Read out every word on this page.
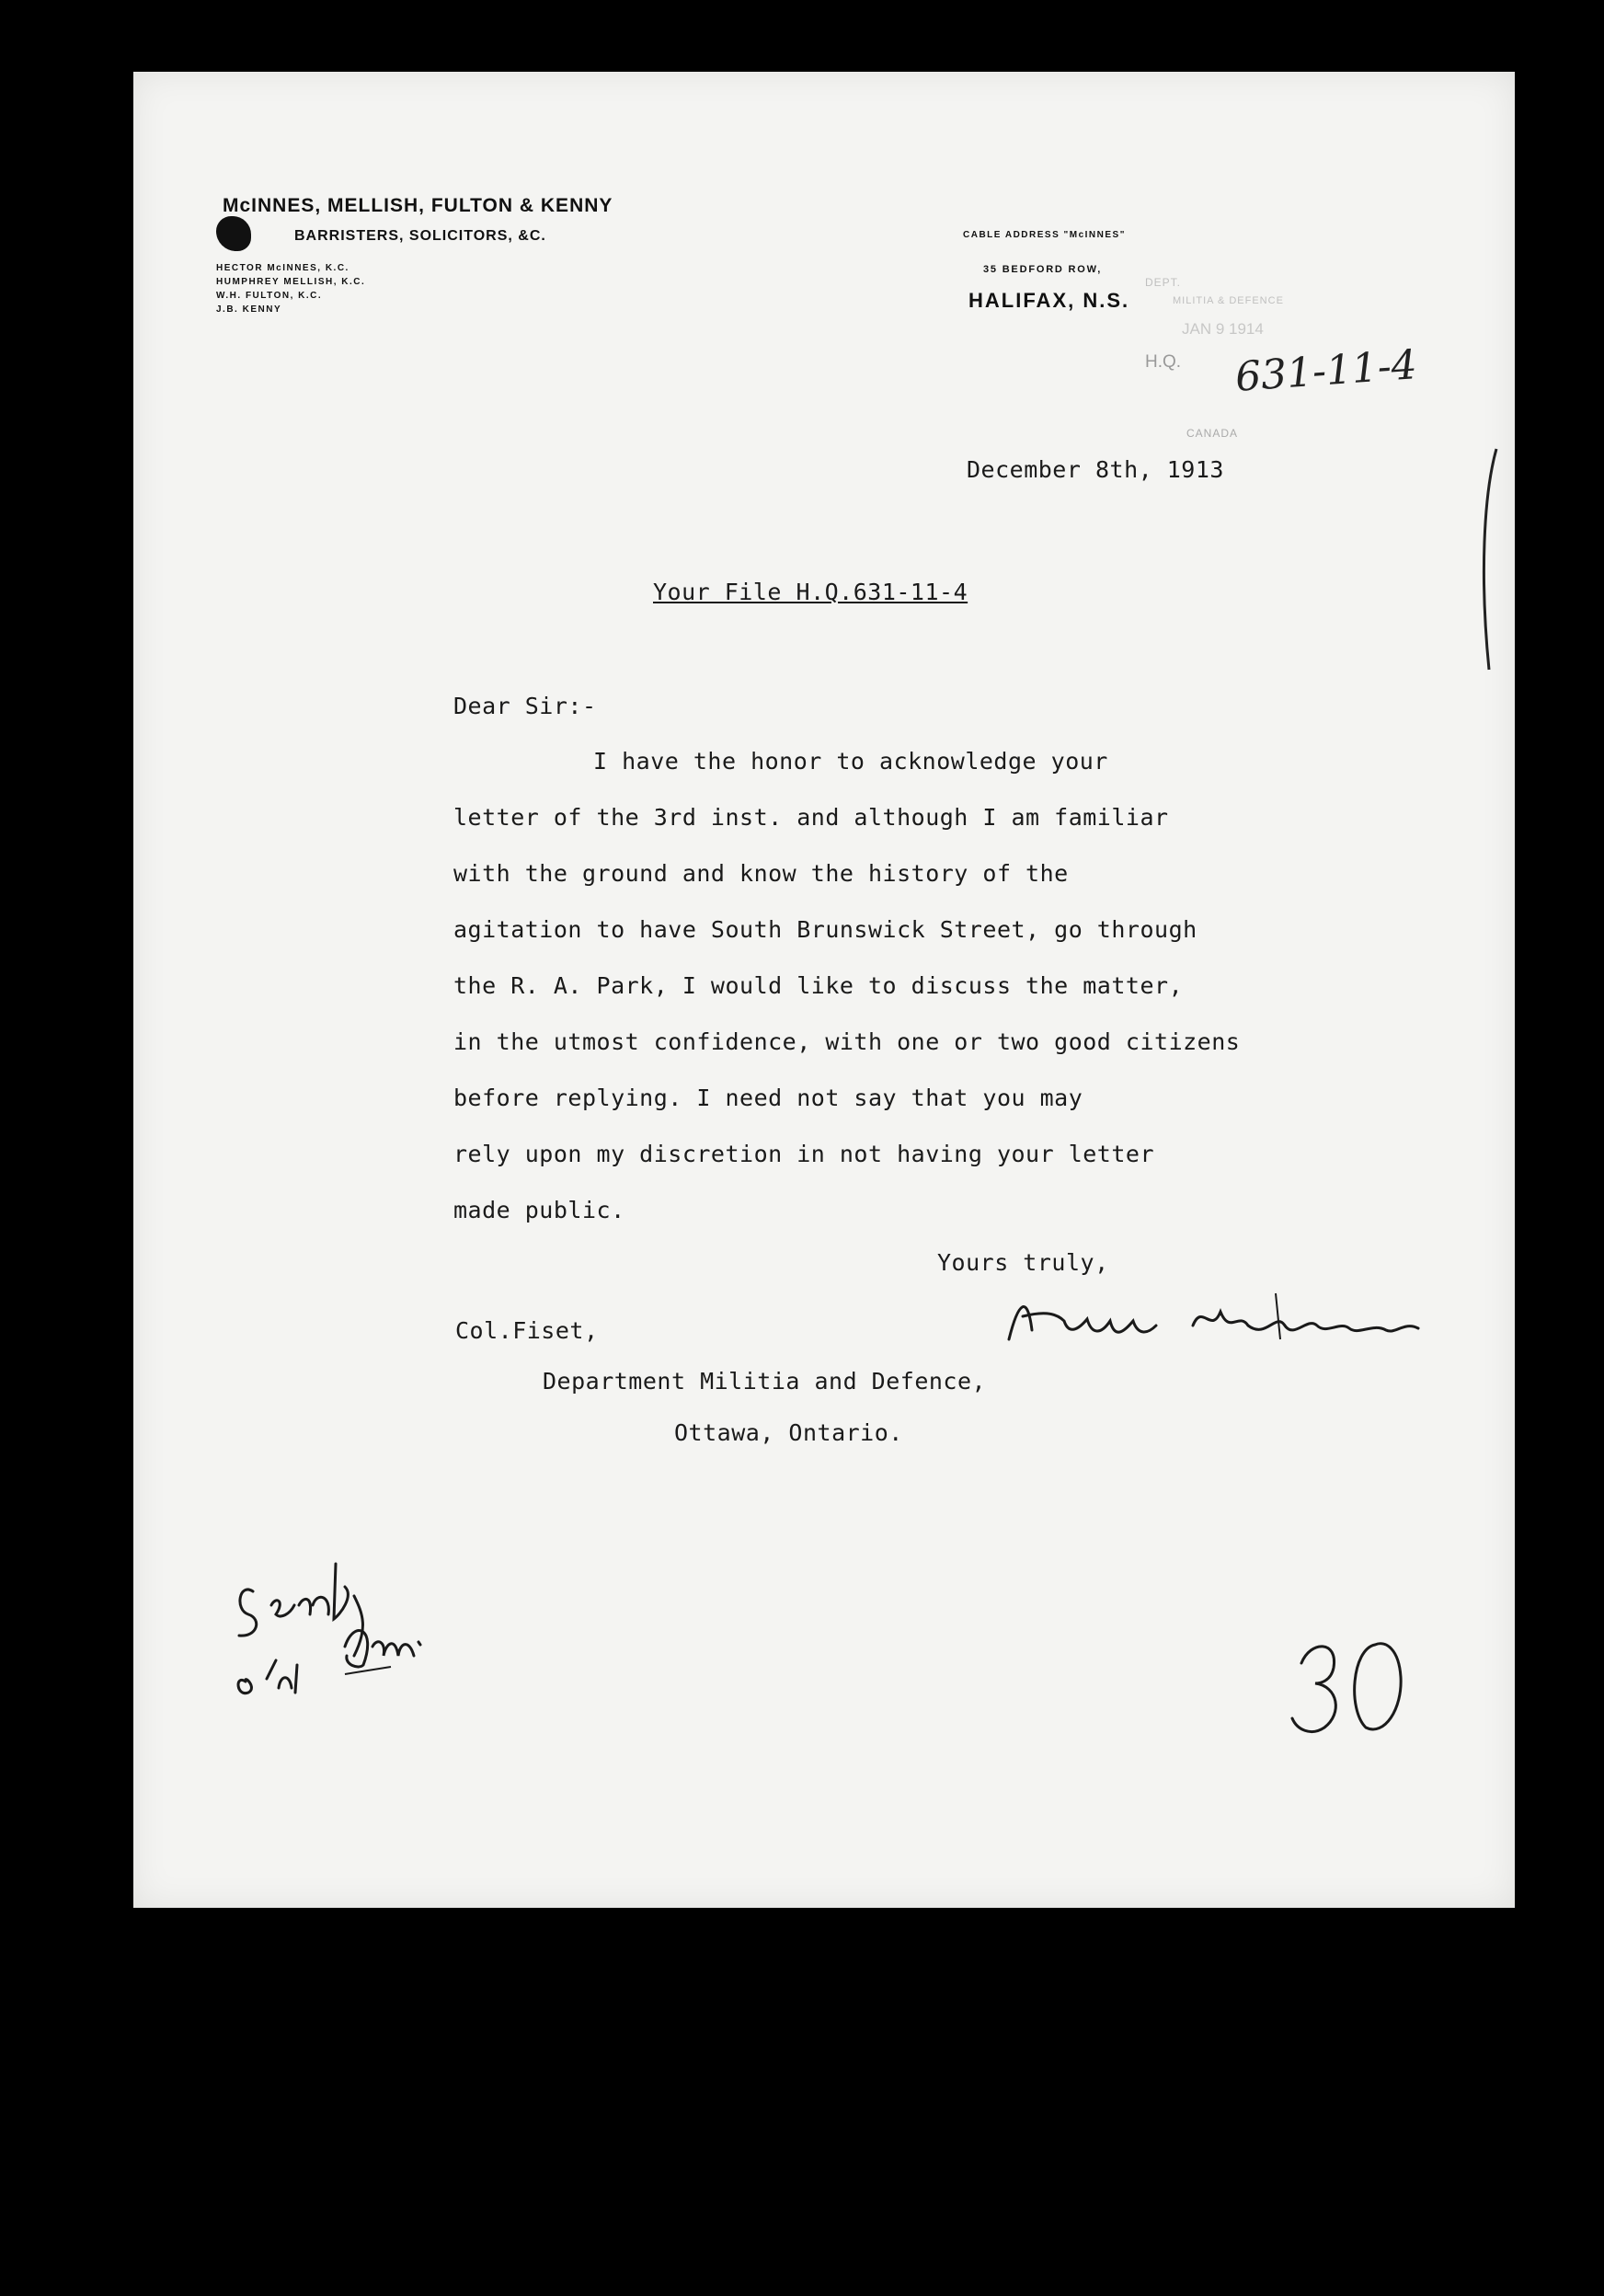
McINNES, MELLISH, FULTON & KENNY
BARRISTERS, SOLICITORS, &C.
HECTOR McINNES, K.C.
HUMPHREY MELLISH, K.C.
W.H. FULTON, K.C.
J.B. KENNY
CABLE ADDRESS "McINNES"
35 BEDFORD ROW,
HALIFAX, N.S.
DEPT.
MILITIA & DEFENCE
JAN 9 1914
H.Q.
CANADA
631-11-4
December 8th, 1913
Your File H.Q.631-11-4
Dear Sir:-
I have the honor to acknowledge your
letter of the 3rd inst. and although I am familiar
with the ground and know the history of the
agitation to have South Brunswick Street, go through
the R. A. Park, I would like to discuss the matter,
in the utmost confidence, with one or two good citizens
before replying. I need not say that you may
rely upon my discretion in not having your letter
made public.
Yours truly,
Col.Fiset,
Department Militia and Defence,
Ottawa, Ontario.
